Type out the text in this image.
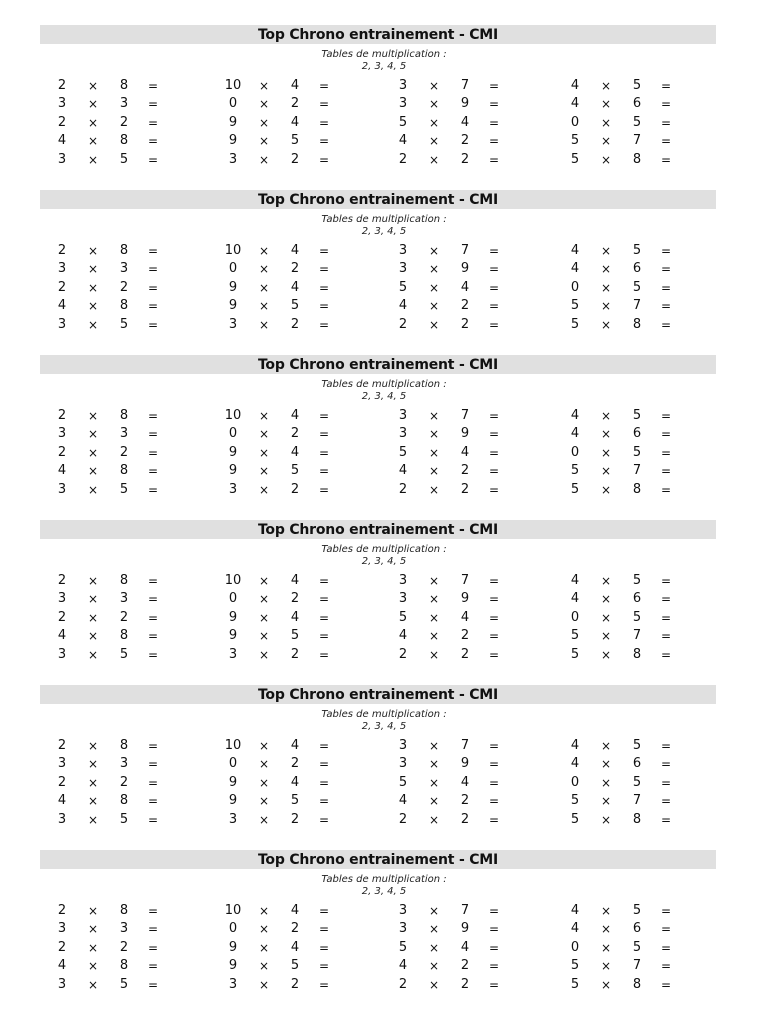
Top Chrono entrainement - CMI
Tables de multiplication :
2, 3, 4, 5
2	×	8	=	10	×	4	=	3	×	7	=	4	×	5	=
3	×	3	=	0	×	2	=	3	×	9	=	4	×	6	=
2	×	2	=	9	×	4	=	5	×	4	=	0	×	5	=
4	×	8	=	9	×	5	=	4	×	2	=	5	×	7	=
3	×	5	=	3	×	2	=	2	×	2	=	5	×	8	=
Top Chrono entrainement - CMI
Tables de multiplication :
2, 3, 4, 5
2	×	8	=	10	×	4	=	3	×	7	=	4	×	5	=
3	×	3	=	0	×	2	=	3	×	9	=	4	×	6	=
2	×	2	=	9	×	4	=	5	×	4	=	0	×	5	=
4	×	8	=	9	×	5	=	4	×	2	=	5	×	7	=
3	×	5	=	3	×	2	=	2	×	2	=	5	×	8	=
Top Chrono entrainement - CMI
Tables de multiplication :
2, 3, 4, 5
2	×	8	=	10	×	4	=	3	×	7	=	4	×	5	=
3	×	3	=	0	×	2	=	3	×	9	=	4	×	6	=
2	×	2	=	9	×	4	=	5	×	4	=	0	×	5	=
4	×	8	=	9	×	5	=	4	×	2	=	5	×	7	=
3	×	5	=	3	×	2	=	2	×	2	=	5	×	8	=
Top Chrono entrainement - CMI
Tables de multiplication :
2, 3, 4, 5
2	×	8	=	10	×	4	=	3	×	7	=	4	×	5	=
3	×	3	=	0	×	2	=	3	×	9	=	4	×	6	=
2	×	2	=	9	×	4	=	5	×	4	=	0	×	5	=
4	×	8	=	9	×	5	=	4	×	2	=	5	×	7	=
3	×	5	=	3	×	2	=	2	×	2	=	5	×	8	=
Top Chrono entrainement - CMI
Tables de multiplication :
2, 3, 4, 5
2	×	8	=	10	×	4	=	3	×	7	=	4	×	5	=
3	×	3	=	0	×	2	=	3	×	9	=	4	×	6	=
2	×	2	=	9	×	4	=	5	×	4	=	0	×	5	=
4	×	8	=	9	×	5	=	4	×	2	=	5	×	7	=
3	×	5	=	3	×	2	=	2	×	2	=	5	×	8	=
Top Chrono entrainement - CMI
Tables de multiplication :
2, 3, 4, 5
2	×	8	=	10	×	4	=	3	×	7	=	4	×	5	=
3	×	3	=	0	×	2	=	3	×	9	=	4	×	6	=
2	×	2	=	9	×	4	=	5	×	4	=	0	×	5	=
4	×	8	=	9	×	5	=	4	×	2	=	5	×	7	=
3	×	5	=	3	×	2	=	2	×	2	=	5	×	8	=
